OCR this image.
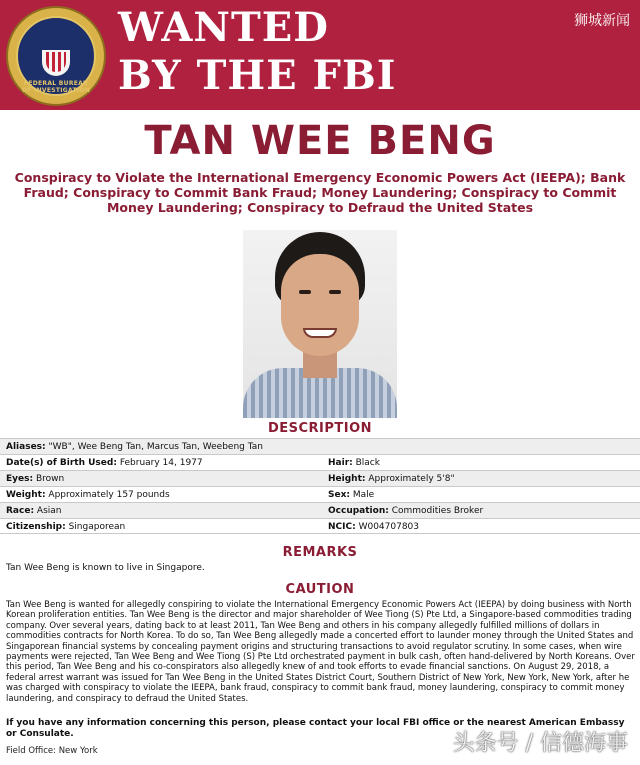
FEDERAL BUREAU OF INVESTIGATION
WANTED
BY THE FBI
狮城新闻
TAN WEE BENG
Conspiracy to Violate the International Emergency Economic Powers Act (IEEPA); Bank Fraud; Conspiracy to Commit Bank Fraud; Money Laundering; Conspiracy to Commit Money Laundering; Conspiracy to Defraud the United States
DESCRIPTION
Aliases: "WB", Wee Beng Tan, Marcus Tan, Weebeng Tan
Date(s) of Birth Used: February 14, 1977	Hair: Black
Eyes: Brown	Height: Approximately 5'8"
Weight: Approximately 157 pounds	Sex: Male
Race: Asian	Occupation: Commodities Broker
Citizenship: Singaporean	NCIC: W004707803
REMARKS
Tan Wee Beng is known to live in Singapore.
CAUTION
Tan Wee Beng is wanted for allegedly conspiring to violate the International Emergency Economic Powers Act (IEEPA) by doing business with North Korean proliferation entities. Tan Wee Beng is the director and major shareholder of Wee Tiong (S) Pte Ltd, a Singapore-based commodities trading company. Over several years, dating back to at least 2011, Tan Wee Beng and others in his company allegedly fulfilled millions of dollars in commodities contracts for North Korea. To do so, Tan Wee Beng allegedly made a concerted effort to launder money through the United States and Singaporean financial systems by concealing payment origins and structuring transactions to avoid regulator scrutiny. In some cases, when wire payments were rejected, Tan Wee Beng and Wee Tiong (S) Pte Ltd orchestrated payment in bulk cash, often hand-delivered by North Koreans. Over this period, Tan Wee Beng and his co-conspirators also allegedly knew of and took efforts to evade financial sanctions. On August 29, 2018, a federal arrest warrant was issued for Tan Wee Beng in the United States District Court, Southern District of New York, New York, New York, after he was charged with conspiracy to violate the IEEPA, bank fraud, conspiracy to commit bank fraud, money laundering, conspiracy to commit money laundering, and conspiracy to defraud the United States.
If you have any information concerning this person, please contact your local FBI office or the nearest American Embassy or Consulate.
Field Office: New York	头条号 / 信德海事
